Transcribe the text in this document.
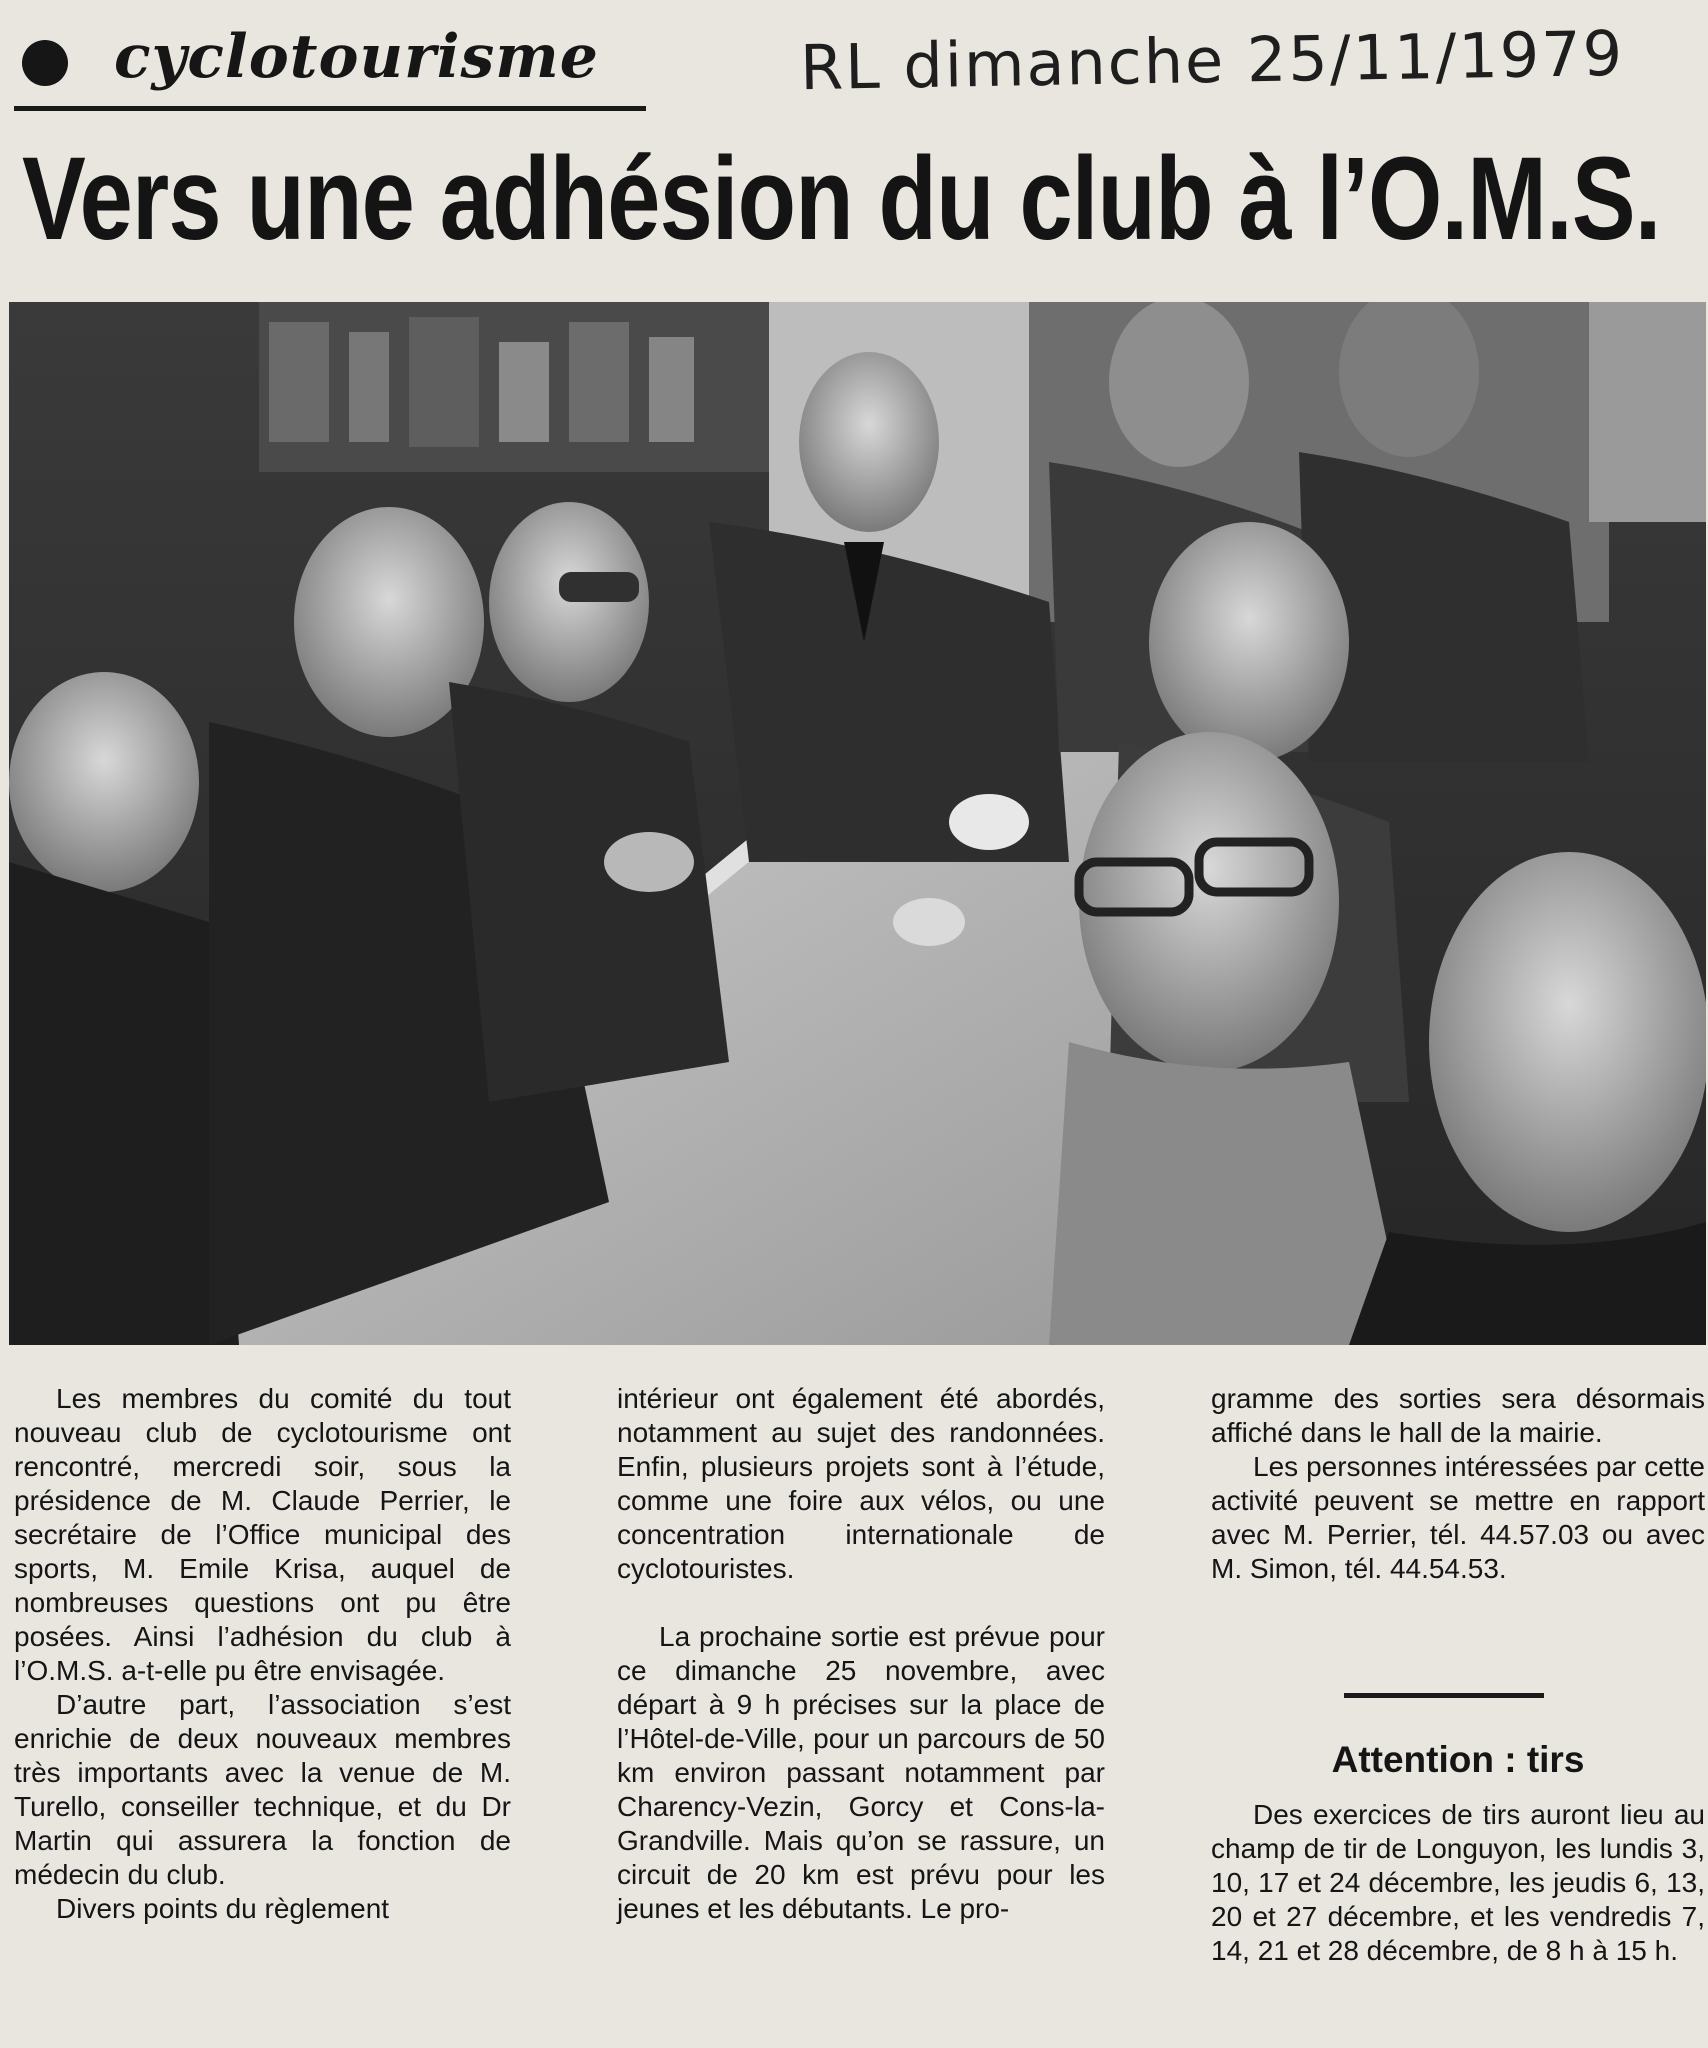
cyclotourisme	RL dimanche 25/11/1979
Vers une adhésion du club à l’O.M.S.

Les membres du comité du tout nouveau club de cyclotourisme ont rencontré, mercredi soir, sous la présidence de M. Claude Perrier, le secrétaire de l’Office municipal des sports, M. Emile Krisa, auquel de nombreuses questions ont pu être posées. Ainsi l’adhésion du club à l’O.M.S. a-t-elle pu être envisagée.

D’autre part, l’association s’est enrichie de deux nouveaux membres très importants avec la venue de M. Turello, conseiller technique, et du Dr Martin qui assurera la fonction de médecin du club.

Divers points du règlement

intérieur ont également été abordés, notamment au sujet des randonnées. Enfin, plusieurs projets sont à l’étude, comme une foire aux vélos, ou une concentration internationale de cyclotouristes.

La prochaine sortie est prévue pour ce dimanche 25 novembre, avec départ à 9 h précises sur la place de l’Hôtel-de-Ville, pour un parcours de 50 km environ passant notamment par Charency-Vezin, Gorcy et Cons-la-Grandville. Mais qu’on se rassure, un circuit de 20 km est prévu pour les jeunes et les débutants. Le pro-

gramme des sorties sera désormais affiché dans le hall de la mairie.

Les personnes intéressées par cette activité peuvent se mettre en rapport avec M. Perrier, tél. 44.57.03 ou avec M. Simon, tél. 44.54.53.

Attention : tirs

Des exercices de tirs auront lieu au champ de tir de Longuyon, les lundis 3, 10, 17 et 24 décembre, les jeudis 6, 13, 20 et 27 décembre, et les vendredis 7, 14, 21 et 28 décembre, de 8 h à 15 h.
